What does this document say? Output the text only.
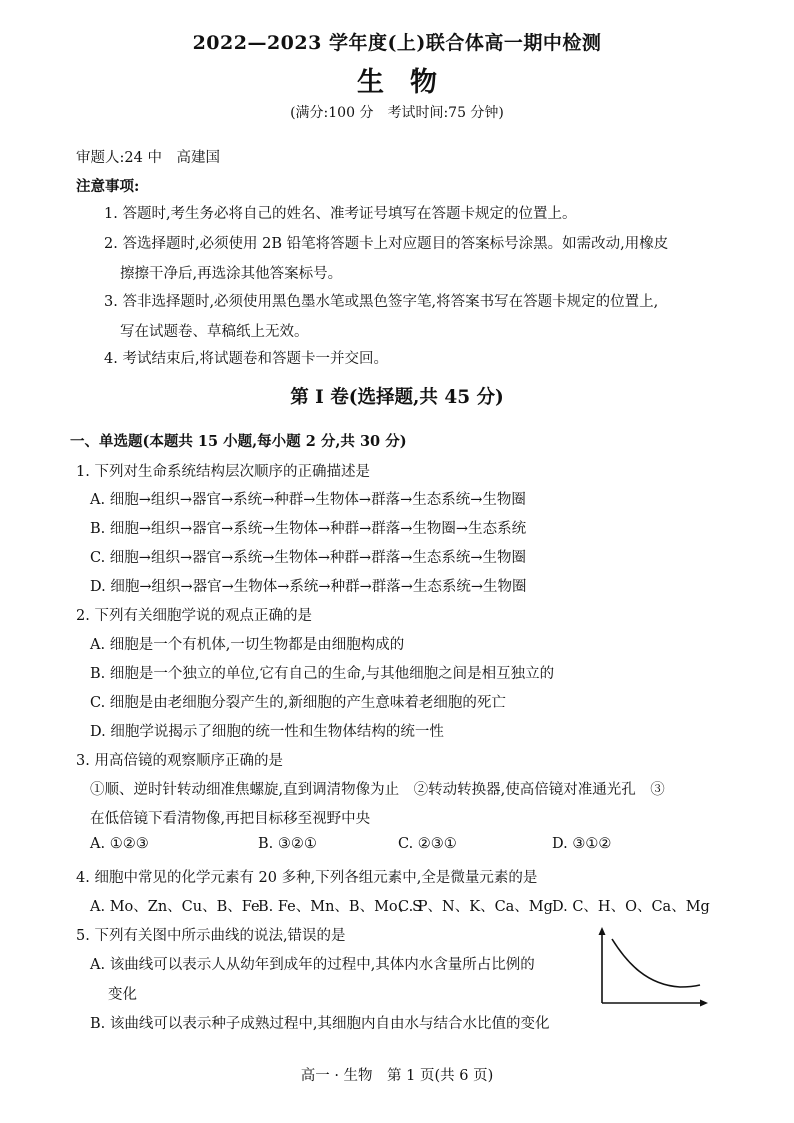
2022—2023 学年度(上)联合体高一期中检测
生物
(满分:100 分　考试时间:75 分钟)
审题人:24 中　高建国
注意事项:
1. 答题时,考生务必将自己的姓名、准考证号填写在答题卡规定的位置上。
2. 答选择题时,必须使用 2B 铅笔将答题卡上对应题目的答案标号涂黑。如需改动,用橡皮
擦擦干净后,再选涂其他答案标号。
3. 答非选择题时,必须使用黑色墨水笔或黑色签字笔,将答案书写在答题卡规定的位置上,
写在试题卷、草稿纸上无效。
4. 考试结束后,将试题卷和答题卡一并交回。
第 I 卷(选择题,共 45 分)
一、单选题(本题共 15 小题,每小题 2 分,共 30 分)
1. 下列对生命系统结构层次顺序的正确描述是
A. 细胞→组织→器官→系统→种群→生物体→群落→生态系统→生物圈
B. 细胞→组织→器官→系统→生物体→种群→群落→生物圈→生态系统
C. 细胞→组织→器官→系统→生物体→种群→群落→生态系统→生物圈
D. 细胞→组织→器官→生物体→系统→种群→群落→生态系统→生物圈
2. 下列有关细胞学说的观点正确的是
A. 细胞是一个有机体,一切生物都是由细胞构成的
B. 细胞是一个独立的单位,它有自己的生命,与其他细胞之间是相互独立的
C. 细胞是由老细胞分裂产生的,新细胞的产生意味着老细胞的死亡
D. 细胞学说揭示了细胞的统一性和生物体结构的统一性
3. 用高倍镜的观察顺序正确的是
①顺、逆时针转动细准焦螺旋,直到调清物像为止　②转动转换器,使高倍镜对准通光孔　③
在低倍镜下看清物像,再把目标移至视野中央
A. ①②③	B. ③②①	C. ②③①	D. ③①②
4. 细胞中常见的化学元素有 20 多种,下列各组元素中,全是微量元素的是
A. Mo、Zn、Cu、B、Fe
B. Fe、Mn、B、Mo、S
C. P、N、K、Ca、Mg D. C、H、O、Ca、Mg
5. 下列有关图中所示曲线的说法,错误的是
A. 该曲线可以表示人从幼年到成年的过程中,其体内水含量所占比例的
变化
B. 该曲线可以表示种子成熟过程中,其细胞内自由水与结合水比值的变化
高一 · 生物　第 1 页(共 6 页)
